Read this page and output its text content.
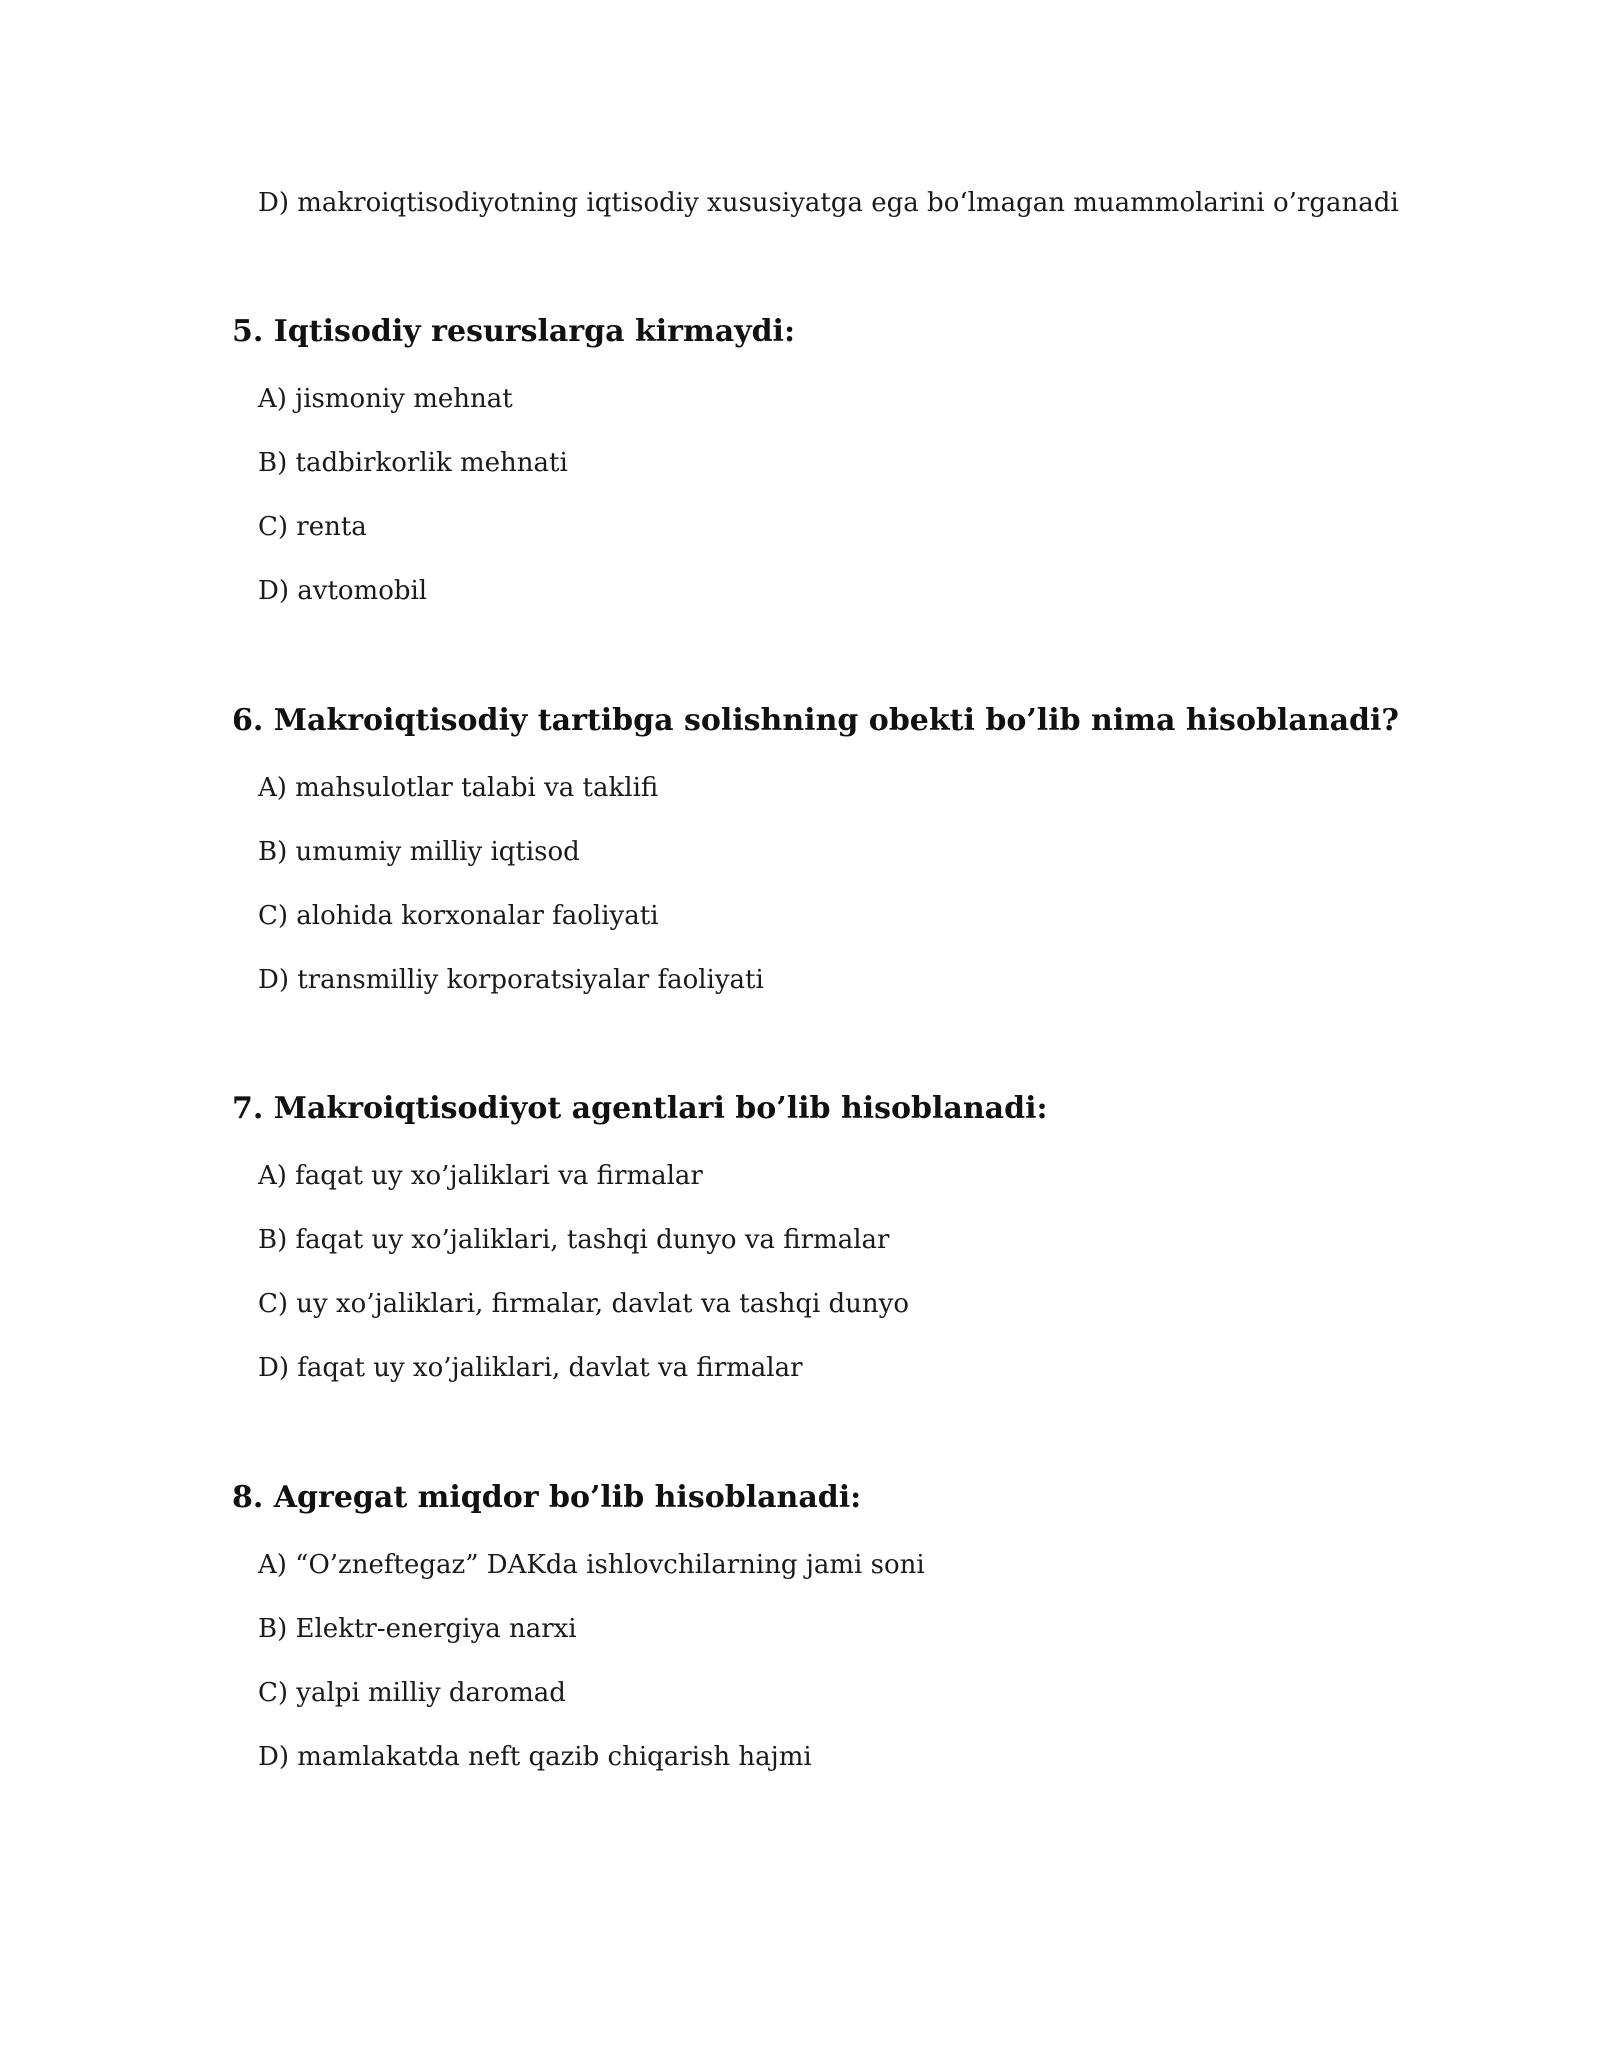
D) makroiqtisodiyotning iqtisodiy xususiyatga ega bo‘lmagan muammolarini o’rganadi
5. Iqtisodiy resurslarga kirmaydi:
A) jismoniy mehnat
B) tadbirkorlik mehnati
C) renta
D) avtomobil
6. Makroiqtisodiy tartibga solishning obekti bo’lib nima hisoblanadi?
A) mahsulotlar talabi va taklifi
B) umumiy milliy iqtisod
C) alohida korxonalar faoliyati
D) transmilliy korporatsiyalar faoliyati
7. Makroiqtisodiyot agentlari bo’lib hisoblanadi:
A) faqat uy xo’jaliklari va firmalar
B) faqat uy xo’jaliklari, tashqi dunyo va firmalar
C) uy xo’jaliklari, firmalar, davlat va tashqi dunyo
D) faqat uy xo’jaliklari, davlat va firmalar
8. Agregat miqdor bo’lib hisoblanadi:
A) “O’zneftegaz” DAKda ishlovchilarning jami soni
B) Elektr-energiya narxi
C) yalpi milliy daromad
D) mamlakatda neft qazib chiqarish hajmi
